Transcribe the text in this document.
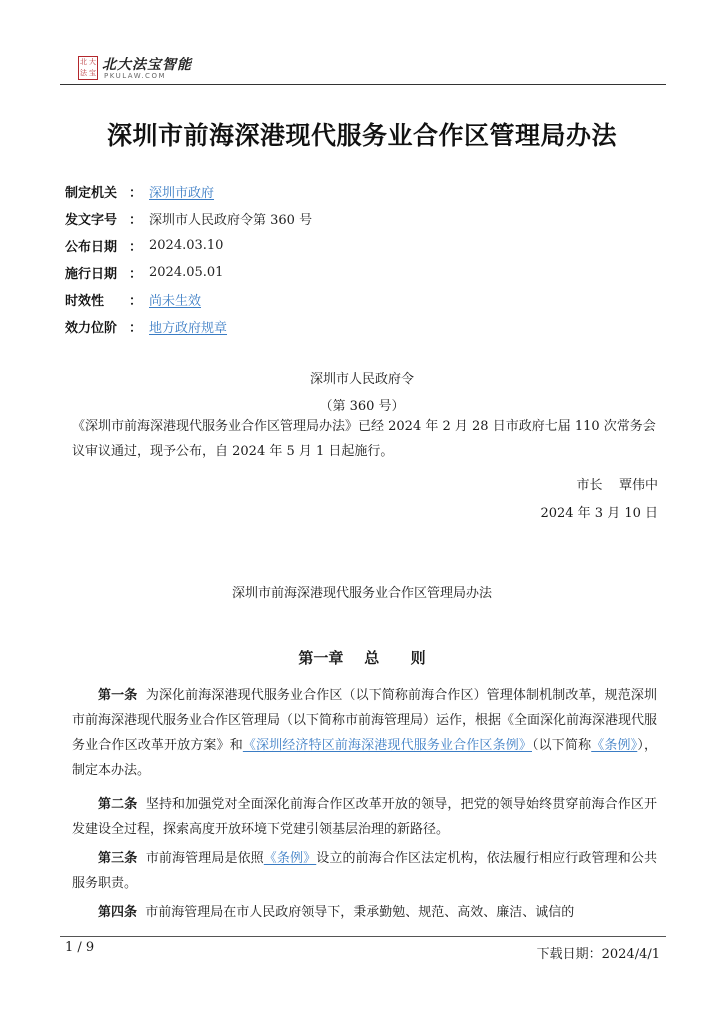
北 大
法 宝 北大法宝智能
PKULAW.COM
深圳市前海深港现代服务业合作区管理局办法
制定机关 ： 深圳市政府
发文字号 ： 深圳市人民政府令第 360 号
公布日期 ： 2024.03.10
施行日期 ： 2024.05.01
时效性	： 尚未生效
效力位阶 ： 地方政府规章
深圳市人民政府令
（第 360 号）
《深圳市前海深港现代服务业合作区管理局办法》已经 2024 年 2 月 28 日市政府七届 110 次常务会议审议通过，现予公布，自 2024 年 5 月 1 日起施行。
市长    覃伟中
2024 年 3 月 10 日
深圳市前海深港现代服务业合作区管理局办法
第一章    总      则
第一条 为深化前海深港现代服务业合作区（以下简称前海合作区）管理体制机制改革，规范深圳市前海深港现代服务业合作区管理局（以下简称市前海管理局）运作，根据《全面深化前海深港现代服务业合作区改革开放方案》和《深圳经济特区前海深港现代服务业合作区条例》（以下简称《条例》），制定本办法。
第二条 坚持和加强党对全面深化前海合作区改革开放的领导，把党的领导始终贯穿前海合作区开发建设全过程，探索高度开放环境下党建引领基层治理的新路径。
第三条 市前海管理局是依照《条例》设立的前海合作区法定机构，依法履行相应行政管理和公共服务职责。
第四条 市前海管理局在市人民政府领导下，秉承勤勉、规范、高效、廉洁、诚信的
1 / 9	下载日期：2024/4/1
